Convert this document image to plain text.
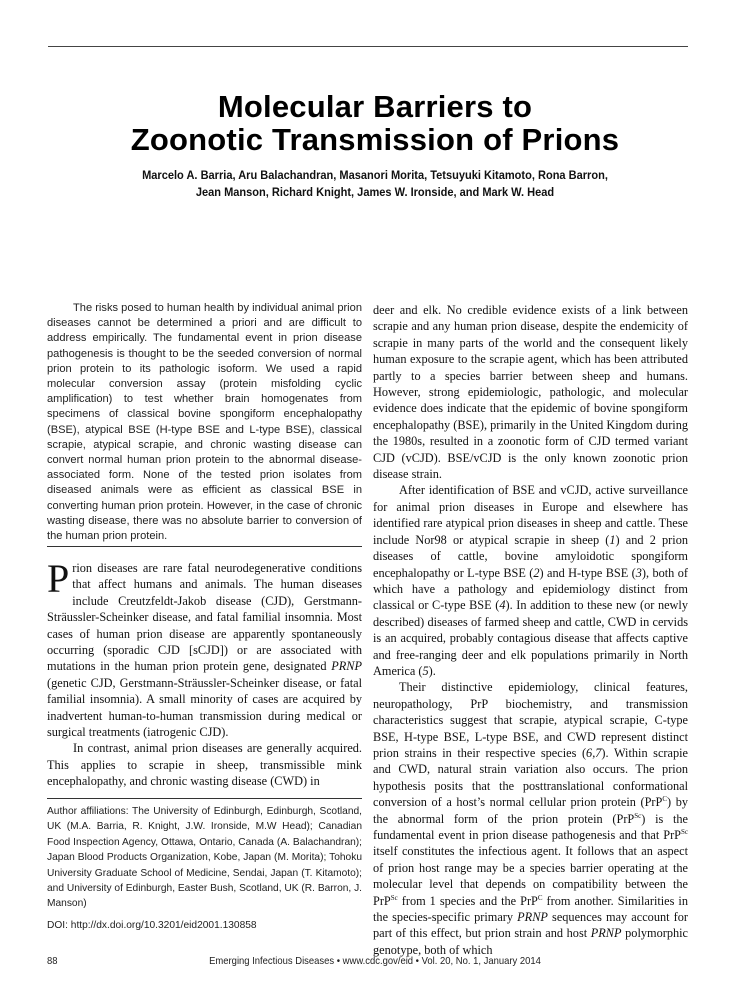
Molecular Barriers to
Zoonotic Transmission of Prions
Marcelo A. Barria, Aru Balachandran, Masanori Morita, Tetsuyuki Kitamoto, Rona Barron,
Jean Manson, Richard Knight, James W. Ironside, and Mark W. Head

The risks posed to human health by individual animal prion diseases cannot be determined a priori and are difficult to address empirically. The fundamental event in prion disease pathogenesis is thought to be the seeded conversion of normal prion protein to its pathologic isoform. We used a rapid molecular conversion assay (protein misfolding cyclic amplification) to test whether brain homogenates from specimens of classical bovine spongiform encephalopathy (BSE), atypical BSE (H-type BSE and L-type BSE), classical scrapie, atypical scrapie, and chronic wasting disease can convert normal human prion protein to the abnormal disease-associated form. None of the tested prion isolates from diseased animals were as efficient as classical BSE in converting human prion protein. However, in the case of chronic wasting disease, there was no absolute barrier to conversion of the human prion protein.

Prion diseases are rare fatal neurodegenerative conditions that affect humans and animals. The human diseases include Creutzfeldt-Jakob disease (CJD), Gerstmann-Sträussler-Scheinker disease, and fatal familial insomnia. Most cases of human prion disease are apparently spontaneously occurring (sporadic CJD [sCJD]) or are associated with mutations in the human prion protein gene, designated PRNP (genetic CJD, Gerstmann-Sträussler-Scheinker disease, or fatal familial insomnia). A small minority of cases are acquired by inadvertent human-to-human transmission during medical or surgical treatments (iatrogenic CJD).

In contrast, animal prion diseases are generally acquired. This applies to scrapie in sheep, transmissible mink encephalopathy, and chronic wasting disease (CWD) in

Author affiliations: The University of Edinburgh, Edinburgh, Scotland, UK (M.A. Barria, R. Knight, J.W. Ironside, M.W Head); Canadian Food Inspection Agency, Ottawa, Ontario, Canada (A. Balachandran); Japan Blood Products Organization, Kobe, Japan (M. Morita); Tohoku University Graduate School of Medicine, Sendai, Japan (T. Kitamoto); and University of Edinburgh, Easter Bush, Scotland, UK (R. Barron, J. Manson)
DOI: http://dx.doi.org/10.3201/eid2001.130858

deer and elk. No credible evidence exists of a link between scrapie and any human prion disease, despite the endemicity of scrapie in many parts of the world and the consequent likely human exposure to the scrapie agent, which has been attributed partly to a species barrier between sheep and humans. However, strong epidemiologic, pathologic, and molecular evidence does indicate that the epidemic of bovine spongiform encephalopathy (BSE), primarily in the United Kingdom during the 1980s, resulted in a zoonotic form of CJD termed variant CJD (vCJD). BSE/vCJD is the only known zoonotic prion disease strain.

After identification of BSE and vCJD, active surveillance for animal prion diseases in Europe and elsewhere has identified rare atypical prion diseases in sheep and cattle. These include Nor98 or atypical scrapie in sheep (1) and 2 prion diseases of cattle, bovine amyloidotic spongiform encephalopathy or L-type BSE (2) and H-type BSE (3), both of which have a pathology and epidemiology distinct from classical or C-type BSE (4). In addition to these new (or newly described) diseases of farmed sheep and cattle, CWD in cervids is an acquired, probably contagious disease that affects captive and free-ranging deer and elk populations primarily in North America (5).

Their distinctive epidemiology, clinical features, neuropathology, PrP biochemistry, and transmission characteristics suggest that scrapie, atypical scrapie, C-type BSE, H-type BSE, L-type BSE, and CWD represent distinct prion strains in their respective species (6,7). Within scrapie and CWD, natural strain variation also occurs. The prion hypothesis posits that the posttranslational conformational conversion of a host’s normal cellular prion protein (PrP$^C$) by the abnormal form of the prion protein (PrP$^{Sc}$) is the fundamental event in prion disease pathogenesis and that PrP$^{Sc}$ itself constitutes the infectious agent. It follows that an aspect of prion host range may be a species barrier operating at the molecular level that depends on compatibility between the PrP$^{Sc}$ from 1 species and the PrP$^C$ from another. Similarities in the species-specific primary PRNP sequences may account for part of this effect, but prion strain and host PRNP polymorphic genotype, both of which

88	Emerging Infectious Diseases • www.cdc.gov/eid • Vol. 20, No. 1, January 2014
